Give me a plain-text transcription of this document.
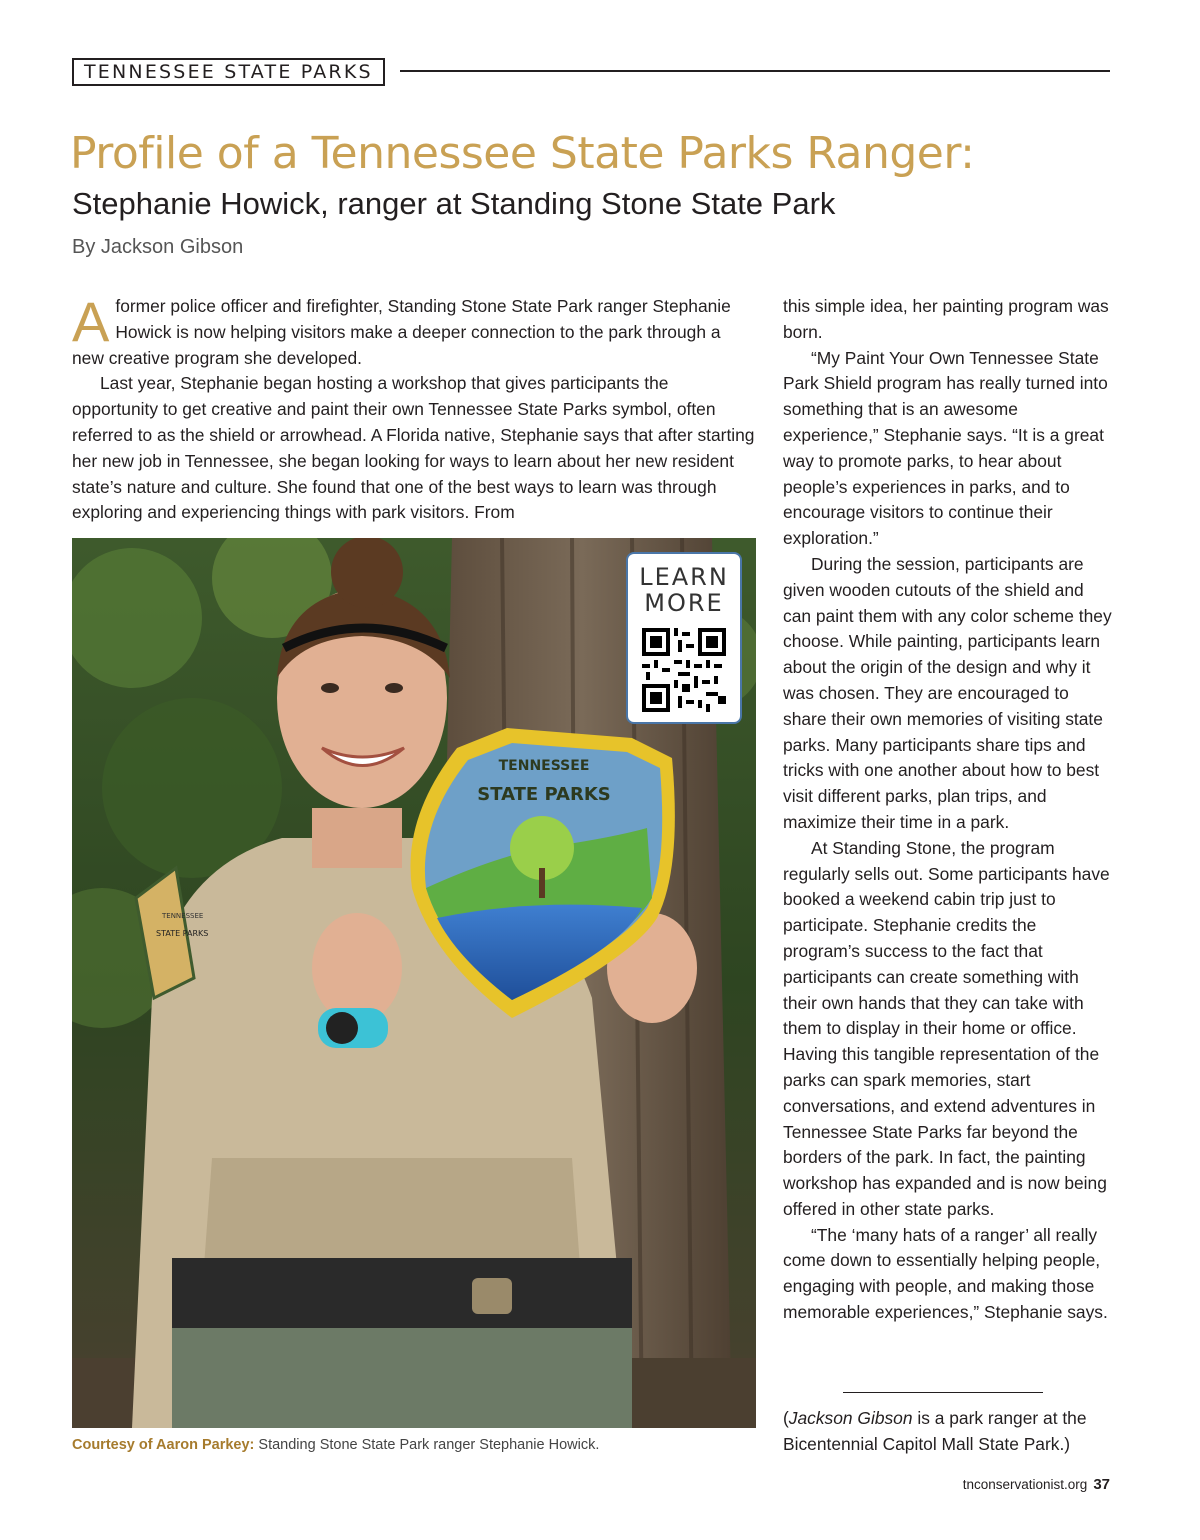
TENNESSEE STATE PARKS
Profile of a Tennessee State Parks Ranger:
Stephanie Howick, ranger at Standing Stone State Park
By Jackson Gibson

A former police officer and firefighter, Standing Stone State Park ranger Stephanie Howick is now helping visitors make a deeper connection to the park through a new creative program she developed.

Last year, Stephanie began hosting a workshop that gives participants the opportunity to get creative and paint their own Tennessee State Parks symbol, often referred to as the shield or arrowhead. A Florida native, Stephanie says that after starting her new job in Tennessee, she began looking for ways to learn about her new resident state’s nature and culture. She found that one of the best ways to learn was through exploring and experiencing things with park visitors. From

TENNESSEE
STATE PARKS
TENNESSEE
STATE PARKS
LEARN
MORE
Courtesy of Aaron Parkey: Standing Stone State Park ranger Stephanie Howick.

this simple idea, her painting program was born.

“My Paint Your Own Tennessee State Park Shield program has really turned into something that is an awesome experience,” Stephanie says. “It is a great way to promote parks, to hear about people’s experiences in parks, and to encourage visitors to continue their exploration.”

During the session, participants are given wooden cutouts of the shield and can paint them with any color scheme they choose. While painting, participants learn about the origin of the design and why it was chosen. They are encouraged to share their own memories of visiting state parks. Many participants share tips and tricks with one another about how to best visit different parks, plan trips, and maximize their time in a park.

At Standing Stone, the program regularly sells out. Some participants have booked a weekend cabin trip just to participate. Stephanie credits the program’s success to the fact that participants can create something with their own hands that they can take with them to display in their home or office. Having this tangible representation of the parks can spark memories, start conversations, and extend adventures in Tennessee State Parks far beyond the borders of the park. In fact, the painting workshop has expanded and is now being offered in other state parks.

“The ‘many hats of a ranger’ all really come down to essentially helping people, engaging with people, and making those memorable experiences,” Stephanie says.

(Jackson Gibson is a park ranger at the Bicentennial Capitol Mall State Park.)
tnconservationist.org 37
